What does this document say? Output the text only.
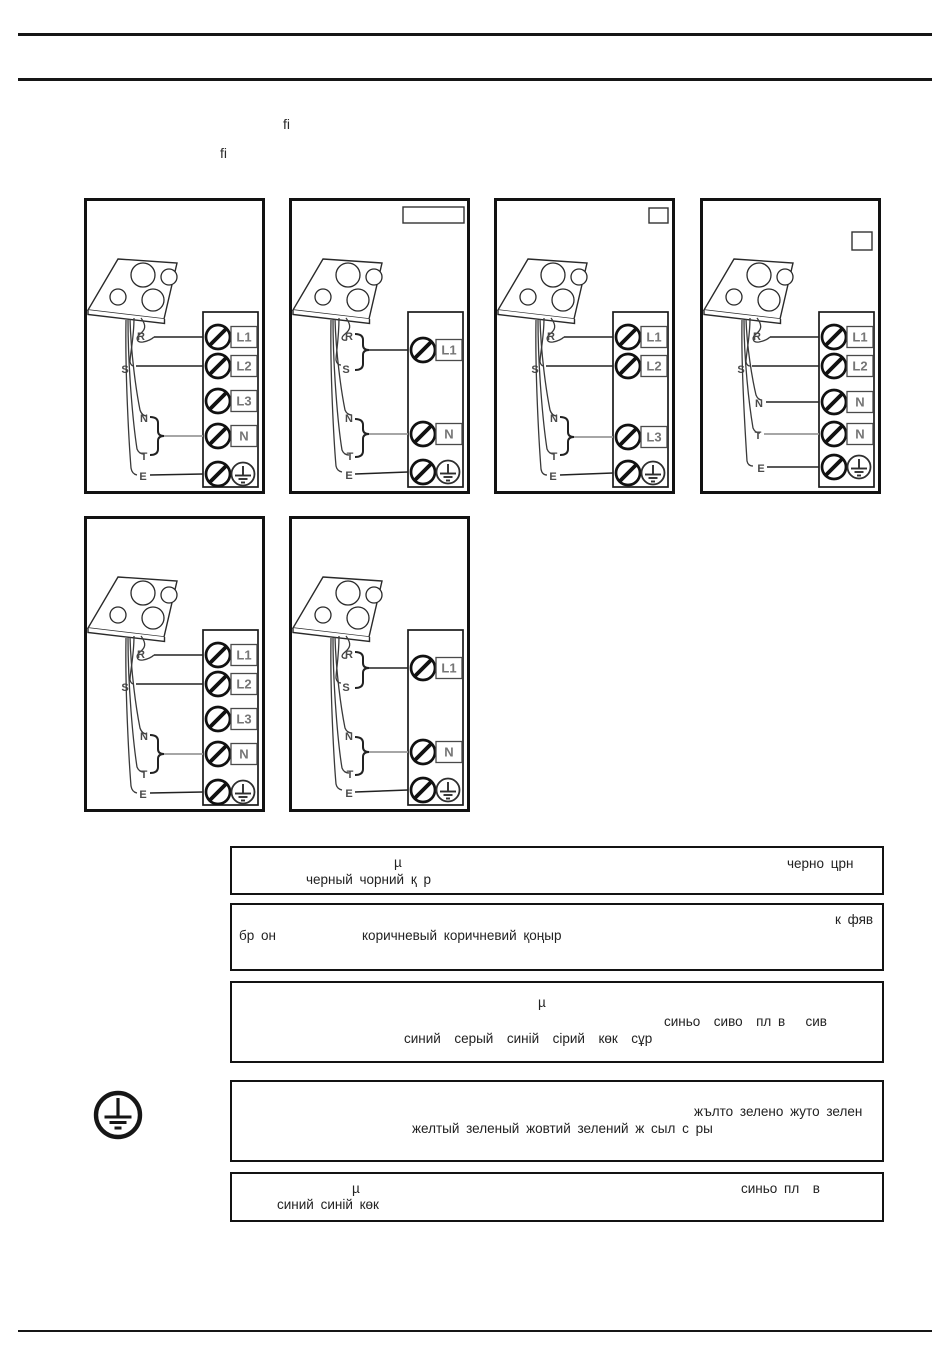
fi
fi
L1
L2
L3
N
R
S
N
T
E
L1
N
R
S
N
T
E
L1
L2
L3
R
S
N
T
E
L1
L2
N
N
R
S
N
T
E
L1
L2
L3
N
R
S
N
T
E
L1
N
R
S
N
T
E
µ	черно црн
черный чорний қ р
к фяв
бр он	коричневый коричневий қоңыр
µ
синьо  сиво  пл в   сив
синий  серый  синій  сірий  көк  сұр
жълто зелено жуто зелен
желтый зеленый жовтий зелений ж сыл с ры
µ	синьо пл  в
синий синій көк
